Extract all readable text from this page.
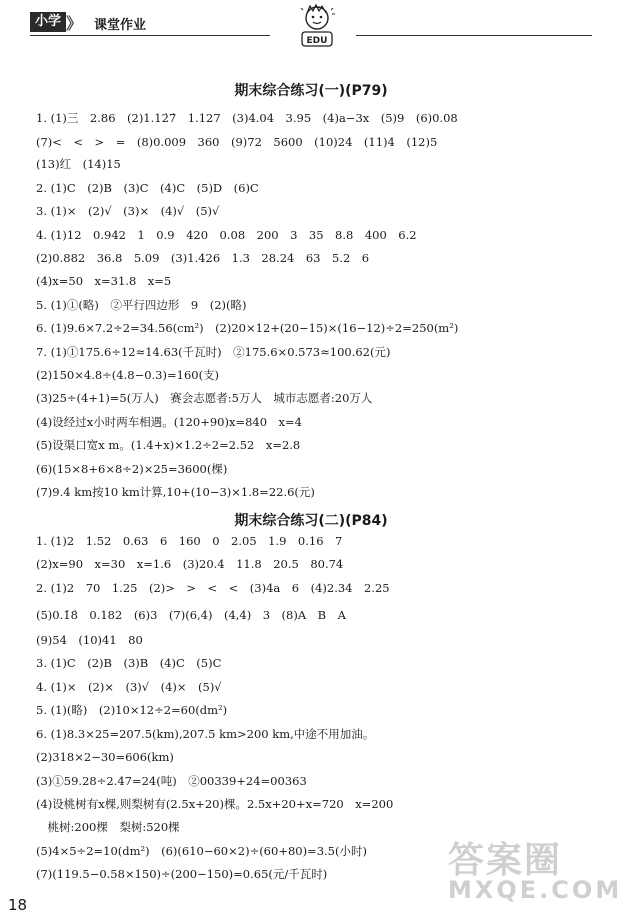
小学 》 课堂作业
EDU
期末综合练习(一)(P79)
1. (1)三　2.86　(2)1.12̇7̇　1.127　(3)4.04　3.95　(4)a−3x　(5)9　(6)0.08
(7)<　<　>　=　(8)0.009　360　(9)72　5600　(10)24　(11)4　(12)5
(13)红　(14)15
2. (1)C　(2)B　(3)C　(4)C　(5)D　(6)C
3. (1)×　(2)√　(3)×　(4)√　(5)√
4. (1)12　0.942　1　0.9　420　0.08　200　3　35　8.8　400　6.2
(2)0.882　36.8　5.09　(3)1.426　1.3　28.24　63　5.2　6
(4)x=50　x=31.8　x=5
5. (1)①(略)　②平行四边形　9　(2)(略)
6. (1)9.6×7.2÷2=34.56(cm²)　(2)20×12+(20−15)×(16−12)÷2=250(m²)
7. (1)①175.6÷12≈14.63(千瓦时)　②175.6×0.573≈100.62(元)
(2)150×4.8÷(4.8−0.3)=160(支)
(3)25÷(4+1)=5(万人)　赛会志愿者:5万人　城市志愿者:20万人
(4)设经过x小时两车相遇。(120+90)x=840　x=4
(5)设渠口宽x m。(1.4+x)×1.2÷2=2.52　x=2.8
(6)(15×8+6×8÷2)×25=3600(棵)
(7)9.4 km按10 km计算,10+(10−3)×1.8=22.6(元)
期末综合练习(二)(P84)
1. (1)2　1.52　0.63　6　160　0　2.05　1.9　0.16　7
(2)x=90　x=30　x=1.6　(3)20.4　11.8　20.5　80.74
2. (1)2　70　1.25　(2)>　>　<　<　(3)4a　6　(4)2.34　2.25
(5)0.1̇8̇　0.182　(6)3　(7)(6,4)　(4,4)　3　(8)A　B　A
(9)54　(10)41　80
3. (1)C　(2)B　(3)B　(4)C　(5)C
4. (1)×　(2)×　(3)√　(4)×　(5)√
5. (1)(略)　(2)10×12÷2=60(dm²)
6. (1)8.3×25=207.5(km),207.5 km>200 km,中途不用加油。
(2)318×2−30=606(km)
(3)①59.28÷2.47=24(吨)　②00339+24=00363
(4)设桃树有x棵,则梨树有(2.5x+20)棵。2.5x+20+x=720　x=200
　桃树:200棵　梨树:520棵
(5)4×5÷2=10(dm²)　(6)(610−60×2)÷(60+80)=3.5(小时)
(7)(119.5−0.58×150)÷(200−150)=0.65(元/千瓦时)	答案圈
MXQE.COM
18
